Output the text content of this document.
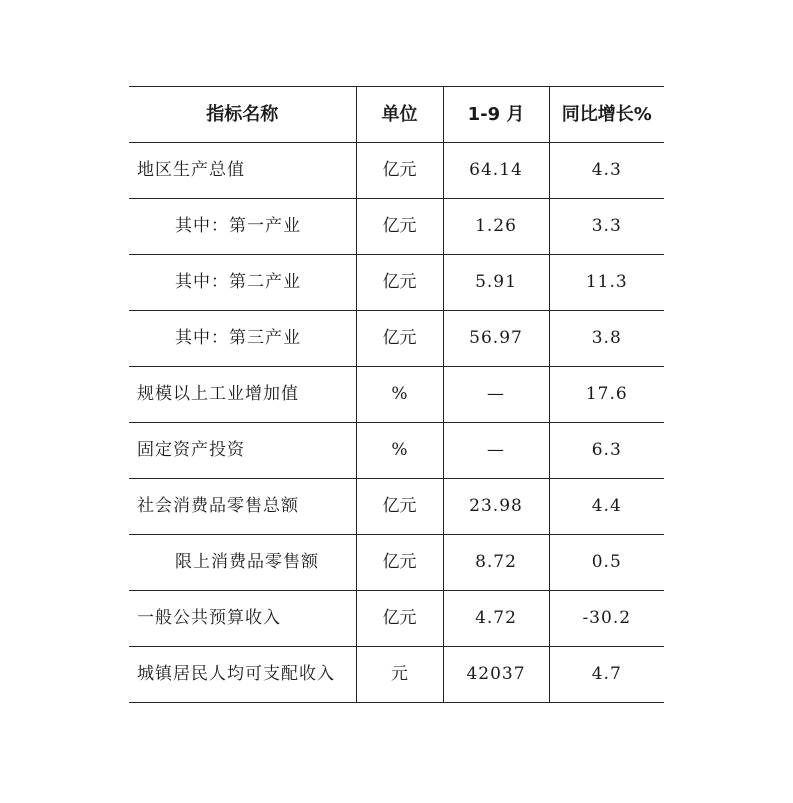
指标名称	单位	1-9 月	同比增长%
地区生产总值	亿元	64.14	4.3
其中：第一产业	亿元	1.26	3.3
其中：第二产业	亿元	5.91	11.3
其中：第三产业	亿元	56.97	3.8
规模以上工业增加值	%	—	17.6
固定资产投资	%	—	6.3
社会消费品零售总额	亿元	23.98	4.4
限上消费品零售额	亿元	8.72	0.5
一般公共预算收入	亿元	4.72	-30.2
城镇居民人均可支配收入	元	42037	4.7
